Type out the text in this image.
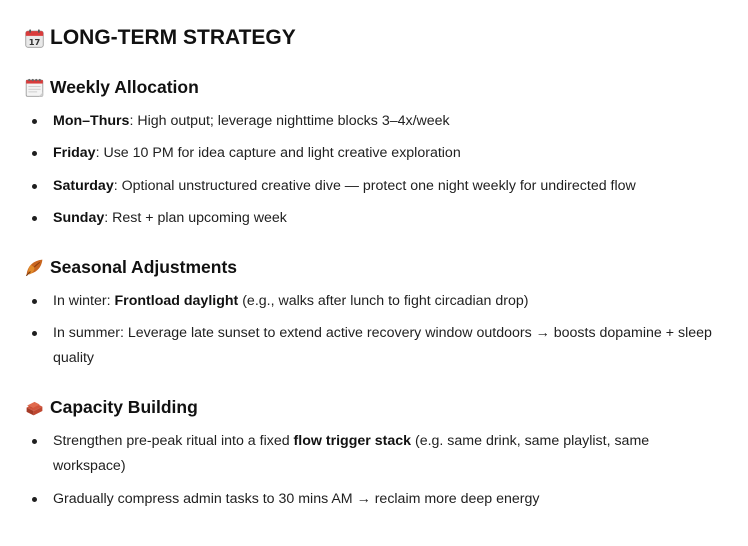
17 LONG-TERM STRATEGY
Weekly Allocation
Mon–Thurs: High output; leverage nighttime blocks 3–4x/week
Friday: Use 10 PM for idea capture and light creative exploration
Saturday: Optional unstructured creative dive — protect one night weekly for undirected flow
Sunday: Rest + plan upcoming week
Seasonal Adjustments
In winter: Frontload daylight (e.g., walks after lunch to fight circadian drop)
In summer: Leverage late sunset to extend active recovery window outdoors → boosts dopamine + sleep quality
Capacity Building
Strengthen pre-peak ritual into a fixed flow trigger stack (e.g. same drink, same playlist, same workspace)
Gradually compress admin tasks to 30 mins AM → reclaim more deep energy
